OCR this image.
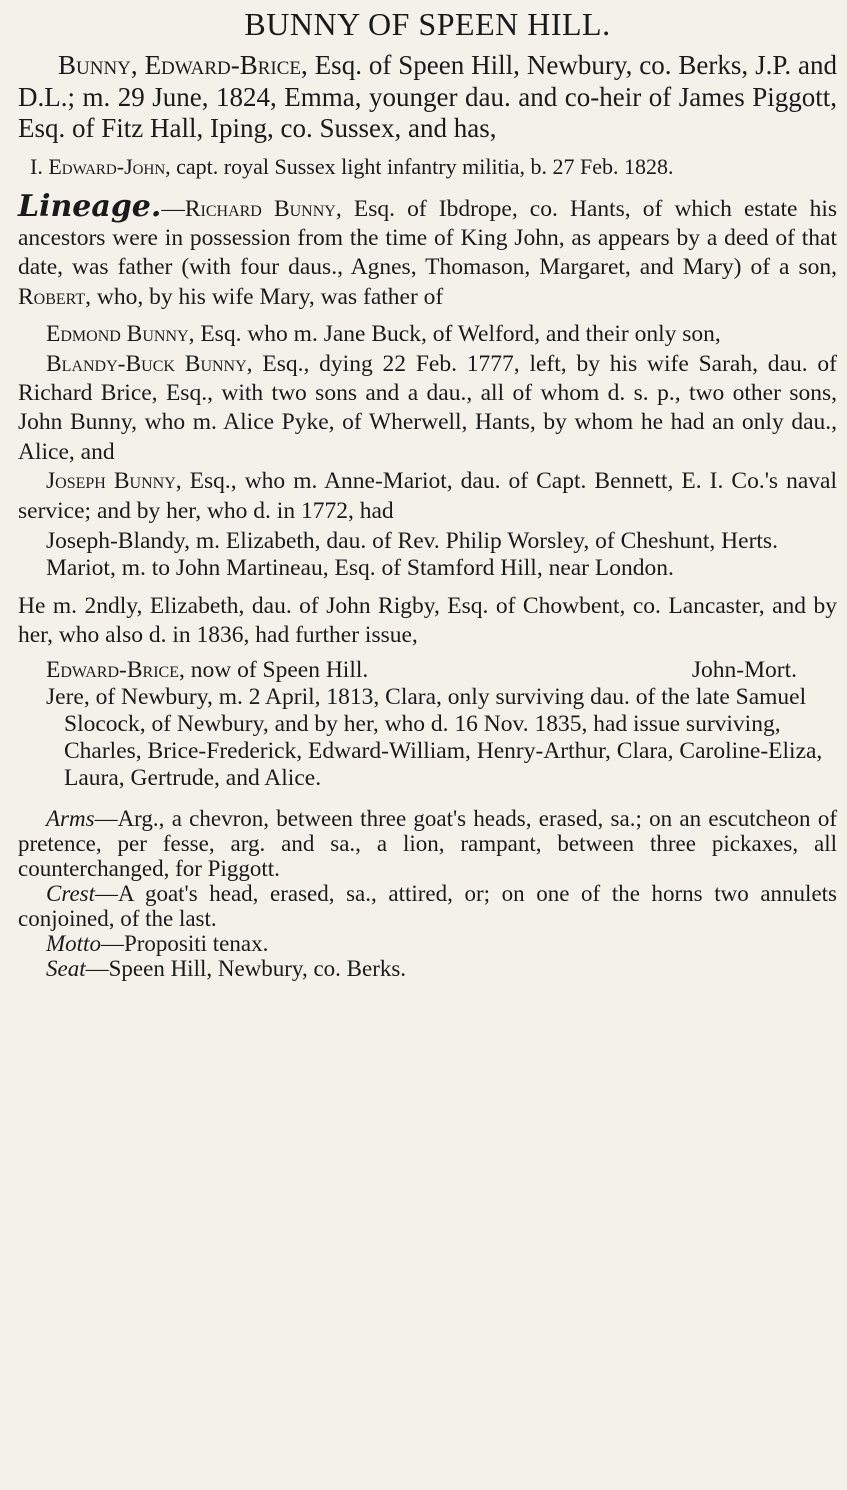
BUNNY OF SPEEN HILL.

Bunny, Edward-Brice, Esq. of Speen Hill, Newbury, co. Berks, J.P. and D.L.; m. 29 June, 1824, Emma, younger dau. and co-heir of James Piggott, Esq. of Fitz Hall, Iping, co. Sussex, and has,

I. Edward-John, capt. royal Sussex light infantry militia, b. 27 Feb. 1828.

Lineage.—Richard Bunny, Esq. of Ibdrope, co. Hants, of which estate his ancestors were in possession from the time of King John, as appears by a deed of that date, was father (with four daus., Agnes, Thomason, Margaret, and Mary) of a son, Robert, who, by his wife Mary, was father of

Edmond Bunny, Esq. who m. Jane Buck, of Welford, and their only son,

Blandy-Buck Bunny, Esq., dying 22 Feb. 1777, left, by his wife Sarah, dau. of Richard Brice, Esq., with two sons and a dau., all of whom d. s. p., two other sons, John Bunny, who m. Alice Pyke, of Wherwell, Hants, by whom he had an only dau., Alice, and

Joseph Bunny, Esq., who m. Anne-Mariot, dau. of Capt. Bennett, E. I. Co.'s naval service; and by her, who d. in 1772, had

Joseph-Blandy, m. Elizabeth, dau. of Rev. Philip Worsley, of Cheshunt, Herts.

Mariot, m. to John Martineau, Esq. of Stamford Hill, near London.

He m. 2ndly, Elizabeth, dau. of John Rigby, Esq. of Chowbent, co. Lancaster, and by her, who also d. in 1836, had further issue,

Edward-Brice, now of Speen Hill.	John-Mort.

Jere, of Newbury, m. 2 April, 1813, Clara, only surviving dau. of the late Samuel Slocock, of Newbury, and by her, who d. 16 Nov. 1835, had issue surviving, Charles, Brice-Frederick, Edward-William, Henry-Arthur, Clara, Caroline-Eliza, Laura, Gertrude, and Alice.

Arms—Arg., a chevron, between three goat's heads, erased, sa.; on an escutcheon of pretence, per fesse, arg. and sa., a lion, rampant, between three pickaxes, all counterchanged, for Piggott.

Crest—A goat's head, erased, sa., attired, or; on one of the horns two annulets conjoined, of the last.

Motto—Propositi tenax.

Seat—Speen Hill, Newbury, co. Berks.
